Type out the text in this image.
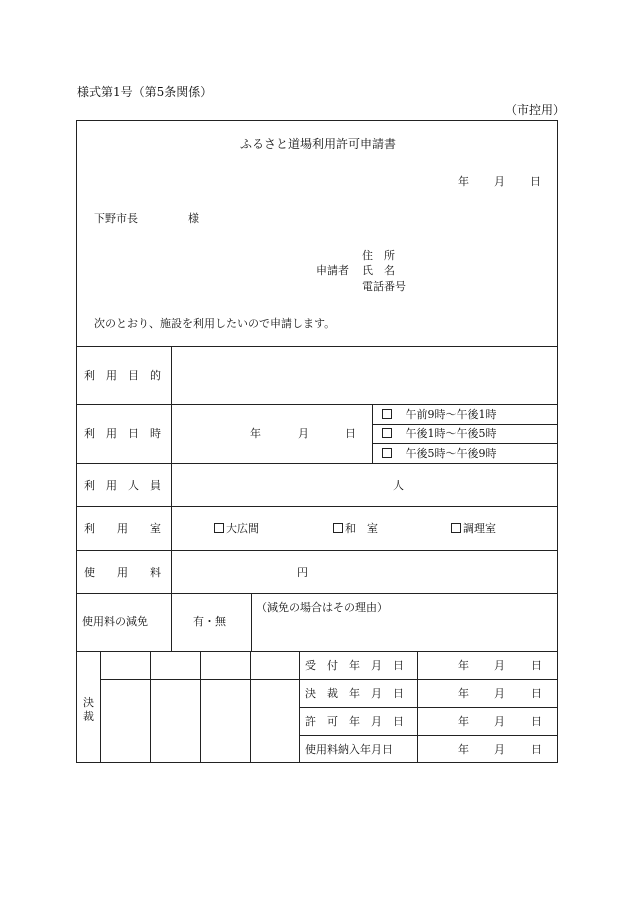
様式第1号（第5条関係）
（市控用）
ふるさと道場利用許可申請書
年 月 日
下野市長	様
住　所
申請者 氏　名
電話番号
次のとおり、施設を利用したいので申請します。
利　用　目　的
利　用　日　時	年	月	日
午前9時～午後1時
午後1時～午後5時
午後5時～午後9時
利　用　人　員	人
利　　用　　室	大広間	和　室	調理室
使　　用　　料	円
使用料の減免	有・無
（減免の場合はその理由）
決
裁
受　付　年　月　日	年 月 日
決　裁　年　月　日	年 月 日
許　可　年　月　日	年 月 日
使用料納入年月日	年 月 日
